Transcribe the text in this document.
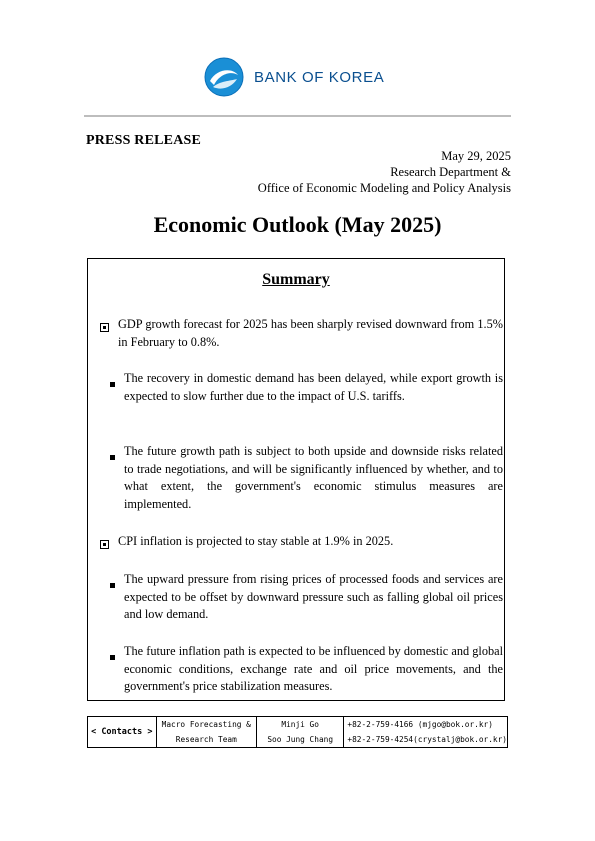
BANK OF KOREA
PRESS RELEASE
May 29, 2025
Research Department &
Office of Economic Modeling and Policy Analysis
Economic Outlook (May 2025)
Summary
GDP growth forecast for 2025 has been sharply revised downward from 1.5% in February to 0.8%.
The recovery in domestic demand has been delayed, while export growth is expected to slow further due to the impact of U.S. tariffs.
The future growth path is subject to both upside and downside risks related to trade negotiations, and will be significantly influenced by whether, and to what extent, the government's economic stimulus measures are implemented.
CPI inflation is projected to stay stable at 1.9% in 2025.
The upward pressure from rising prices of processed foods and services are expected to be offset by downward pressure such as falling global oil prices and low demand.
The future inflation path is expected to be influenced by domestic and global economic conditions, exchange rate and oil price movements, and the government's price stabilization measures.
< Contacts >
Macro Forecasting &
Research Team
Minji Go
Soo Jung Chang
+82-2-759-4166 (mjgo@bok.or.kr)
+82-2-759-4254(crystalj@bok.or.kr)
